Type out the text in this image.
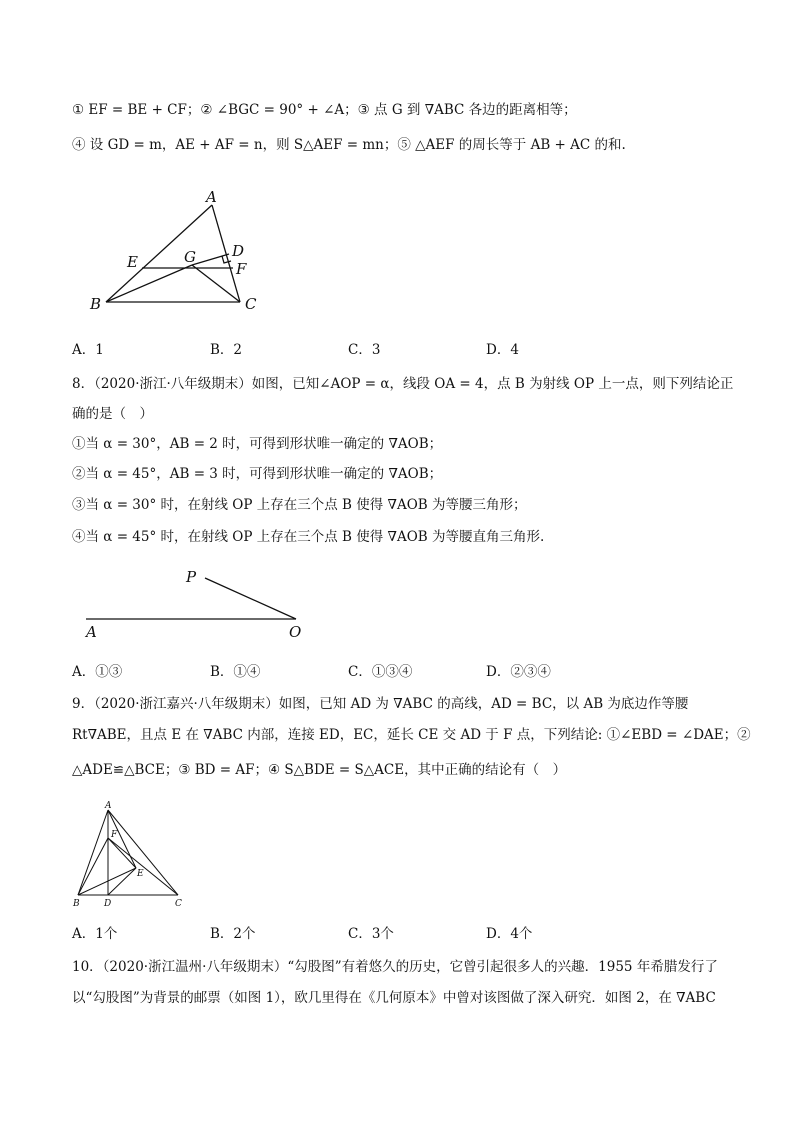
① EF = BE + CF；② ∠BGC = 90° + ∠A；③ 点 G 到 ∇ABC 各边的距离相等；
④ 设 GD = m，AE + AF = n，则 S△AEF = mn；⑤ △AEF 的周长等于 AB + AC 的和.
A
B	C
D
E	F
G
A．1	B．2	C．3	D．4
8．（2020·浙江·八年级期末）如图，已知∠AOP = α，线段 OA = 4，点 B 为射线 OP 上一点，则下列结论正
确的是（　）
①当 α = 30°，AB = 2 时，可得到形状唯一确定的 ∇AOB；
②当 α = 45°，AB = 3 时，可得到形状唯一确定的 ∇AOB；
③当 α = 30° 时，在射线 OP 上存在三个点 B 使得 ∇AOB 为等腰三角形；
④当 α = 45° 时，在射线 OP 上存在三个点 B 使得 ∇AOB 为等腰直角三角形.
P
A	O
A．①③	B．①④	C．①③④	D．②③④
9．（2020·浙江嘉兴·八年级期末）如图，已知 AD 为 ∇ABC 的高线，AD = BC，以 AB 为底边作等腰
Rt∇ABE，且点 E 在 ∇ABC 内部，连接 ED，EC，延长 CE 交 AD 于 F 点，下列结论: ①∠EBD = ∠DAE；②
△ADE≌△BCE；③ BD = AF；④ S△BDE = S△ACE，其中正确的结论有（　）
A
B	C
D
E
F
A．1个	B．2个	C．3个	D．4个
10．（2020·浙江温州·八年级期末）“勾股图”有着悠久的历史，它曾引起很多人的兴趣．1955 年希腊发行了
以“勾股图”为背景的邮票（如图 1），欧几里得在《几何原本》中曾对该图做了深入研究．如图 2，在 ∇ABC
